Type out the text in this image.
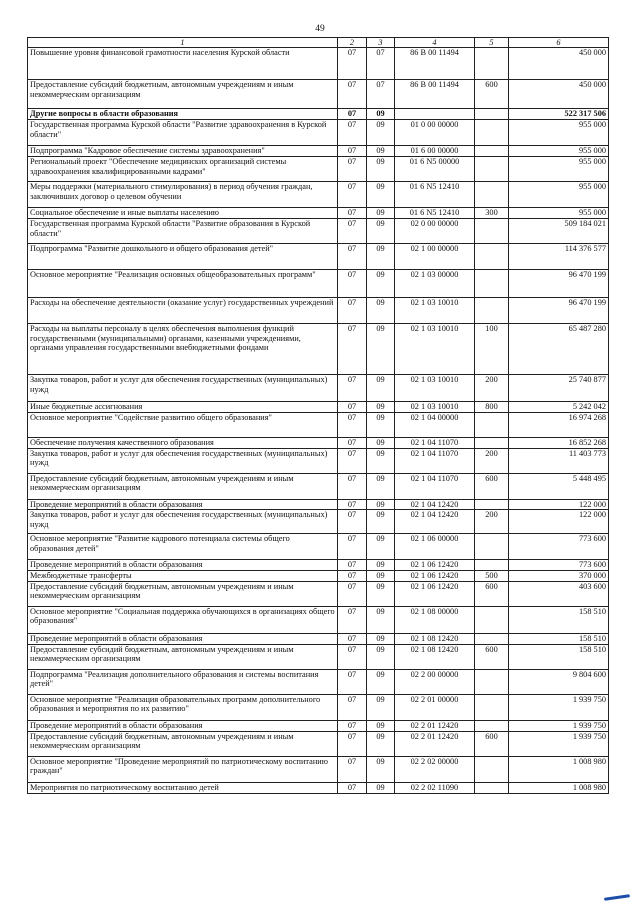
49
1	2	3	4	5	6
Повышение уровня финансовой грамотности населения Курской области	07	07	86 В 00 11494		450 000
Предоставление субсидий бюджетным, автономным учреждениям и иным некоммерческим организациям	07	07	86 В 00 11494	600	450 000
Другие вопросы в области образования	07	09			522 317 506
Государственная программа Курской области "Развитие здравоохранения в Курской области"	07	09	01 0 00 00000		955 000
Подпрограмма "Кадровое обеспечение системы здравоохранения"	07	09	01 6 00 00000		955 000
Региональный проект "Обеспечение медицинских организаций системы здравоохранения квалифицированными кадрами"	07	09	01 6 N5 00000		955 000
Меры поддержки (материального стимулирования) в период обучения граждан, заключивших договор о целевом обучении	07	09	01 6 N5 12410		955 000
Социальное обеспечение и иные выплаты населению	07	09	01 6 N5 12410	300	955 000
Государственная программа Курской области "Развитие образования в Курской области"	07	09	02 0 00 00000		509 184 021
Подпрограмма "Развитие дошкольного и общего образования детей"	07	09	02 1 00 00000		114 376 577
Основное мероприятие "Реализация основных общеобразовательных программ"	07	09	02 1 03 00000		96 470 199
Расходы на обеспечение деятельности (оказание услуг) государственных учреждений	07	09	02 1 03 10010		96 470 199
Расходы на выплаты персоналу в целях обеспечения выполнения функций государственными (муниципальными) органами, казенными учреждениями, органами управления государственными внебюджетными фондами	07	09	02 1 03 10010	100	65 487 280
Закупка товаров, работ и услуг для обеспечения государственных (муниципальных) нужд	07	09	02 1 03 10010	200	25 740 877
Иные бюджетные ассигнования	07	09	02 1 03 10010	800	5 242 042
Основное мероприятие "Содействие развитию общего образования"	07	09	02 1 04 00000		16 974 268
Обеспечение получения качественного образования	07	09	02 1 04 11070		16 852 268
Закупка товаров, работ и услуг для обеспечения государственных (муниципальных) нужд	07	09	02 1 04 11070	200	11 403 773
Предоставление субсидий бюджетным, автономным учреждениям и иным некоммерческим организациям	07	09	02 1 04 11070	600	5 448 495
Проведение мероприятий в области образования	07	09	02 1 04 12420		122 000
Закупка товаров, работ и услуг для обеспечения государственных (муниципальных) нужд	07	09	02 1 04 12420	200	122 000
Основное мероприятие "Развитие кадрового потенциала системы общего образования детей"	07	09	02 1 06 00000		773 600
Проведение мероприятий в области образования	07	09	02 1 06 12420		773 600
Межбюджетные трансферты	07	09	02 1 06 12420	500	370 000
Предоставление субсидий бюджетным, автономным учреждениям и иным некоммерческим организациям	07	09	02 1 06 12420	600	403 600
Основное мероприятие "Социальная поддержка обучающихся в организациях общего образования"	07	09	02 1 08 00000		158 510
Проведение мероприятий в области образования	07	09	02 1 08 12420		158 510
Предоставление субсидий бюджетным, автономным учреждениям и иным некоммерческим организациям	07	09	02 1 08 12420	600	158 510
Подпрограмма "Реализация дополнительного образования и системы воспитания детей"	07	09	02 2 00 00000		9 804 600
Основное мероприятие "Реализация образовательных программ дополнительного образования и мероприятия по их развитию"	07	09	02 2 01 00000		1 939 750
Проведение мероприятий в области образования	07	09	02 2 01 12420		1 939 750
Предоставление субсидий бюджетным, автономным учреждениям и иным некоммерческим организациям	07	09	02 2 01 12420	600	1 939 750
Основное мероприятие "Проведение мероприятий по патриотическому воспитанию граждан"	07	09	02 2 02 00000		1 008 980
Мероприятия по патриотическому воспитанию детей	07	09	02 2 02 11090		1 008 980
